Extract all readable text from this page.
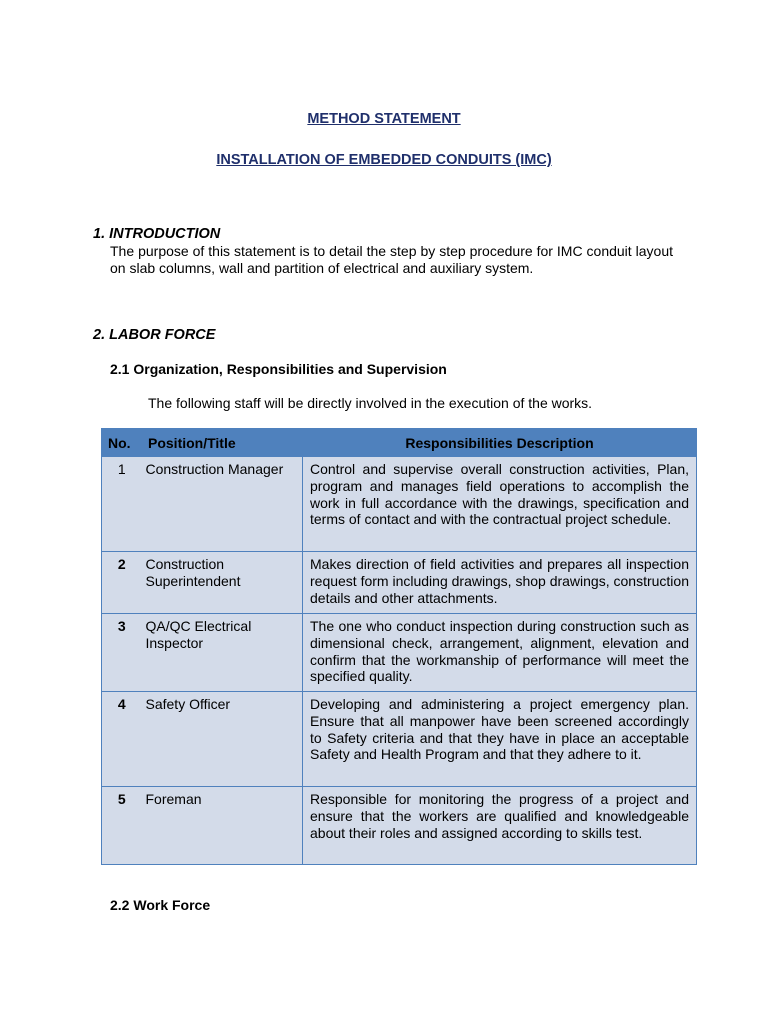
METHOD STATEMENT
INSTALLATION OF EMBEDDED CONDUITS (IMC)
1. INTRODUCTION

The purpose of this statement is to detail the step by step procedure for IMC conduit layout on slab columns, wall and partition of electrical and auxiliary system.

2. LABOR FORCE
2.1 Organization, Responsibilities and Supervision

The following staff will be directly involved in the execution of the works.

No.	Position/Title	Responsibilities Description
1	Construction Manager	Control and supervise overall construction activities, Plan, program and manages field operations to accomplish the work in full accordance with the drawings, specification and terms of contact and with the contractual project schedule.
2	Construction Superintendent	Makes direction of field activities and prepares all inspection request form including drawings, shop drawings, construction details and other attachments.
3	QA/QC Electrical Inspector	The one who conduct inspection during construction such as dimensional check, arrangement, alignment, elevation and confirm that the workmanship of performance will meet the specified quality.
4	Safety Officer	Developing and administering a project emergency plan. Ensure that all manpower have been screened accordingly to Safety criteria and that they have in place an acceptable Safety and Health Program and that they adhere to it.
5	Foreman	Responsible for monitoring the progress of a project and ensure that the workers are qualified and knowledgeable about their roles and assigned according to skills test.
2.2 Work Force
